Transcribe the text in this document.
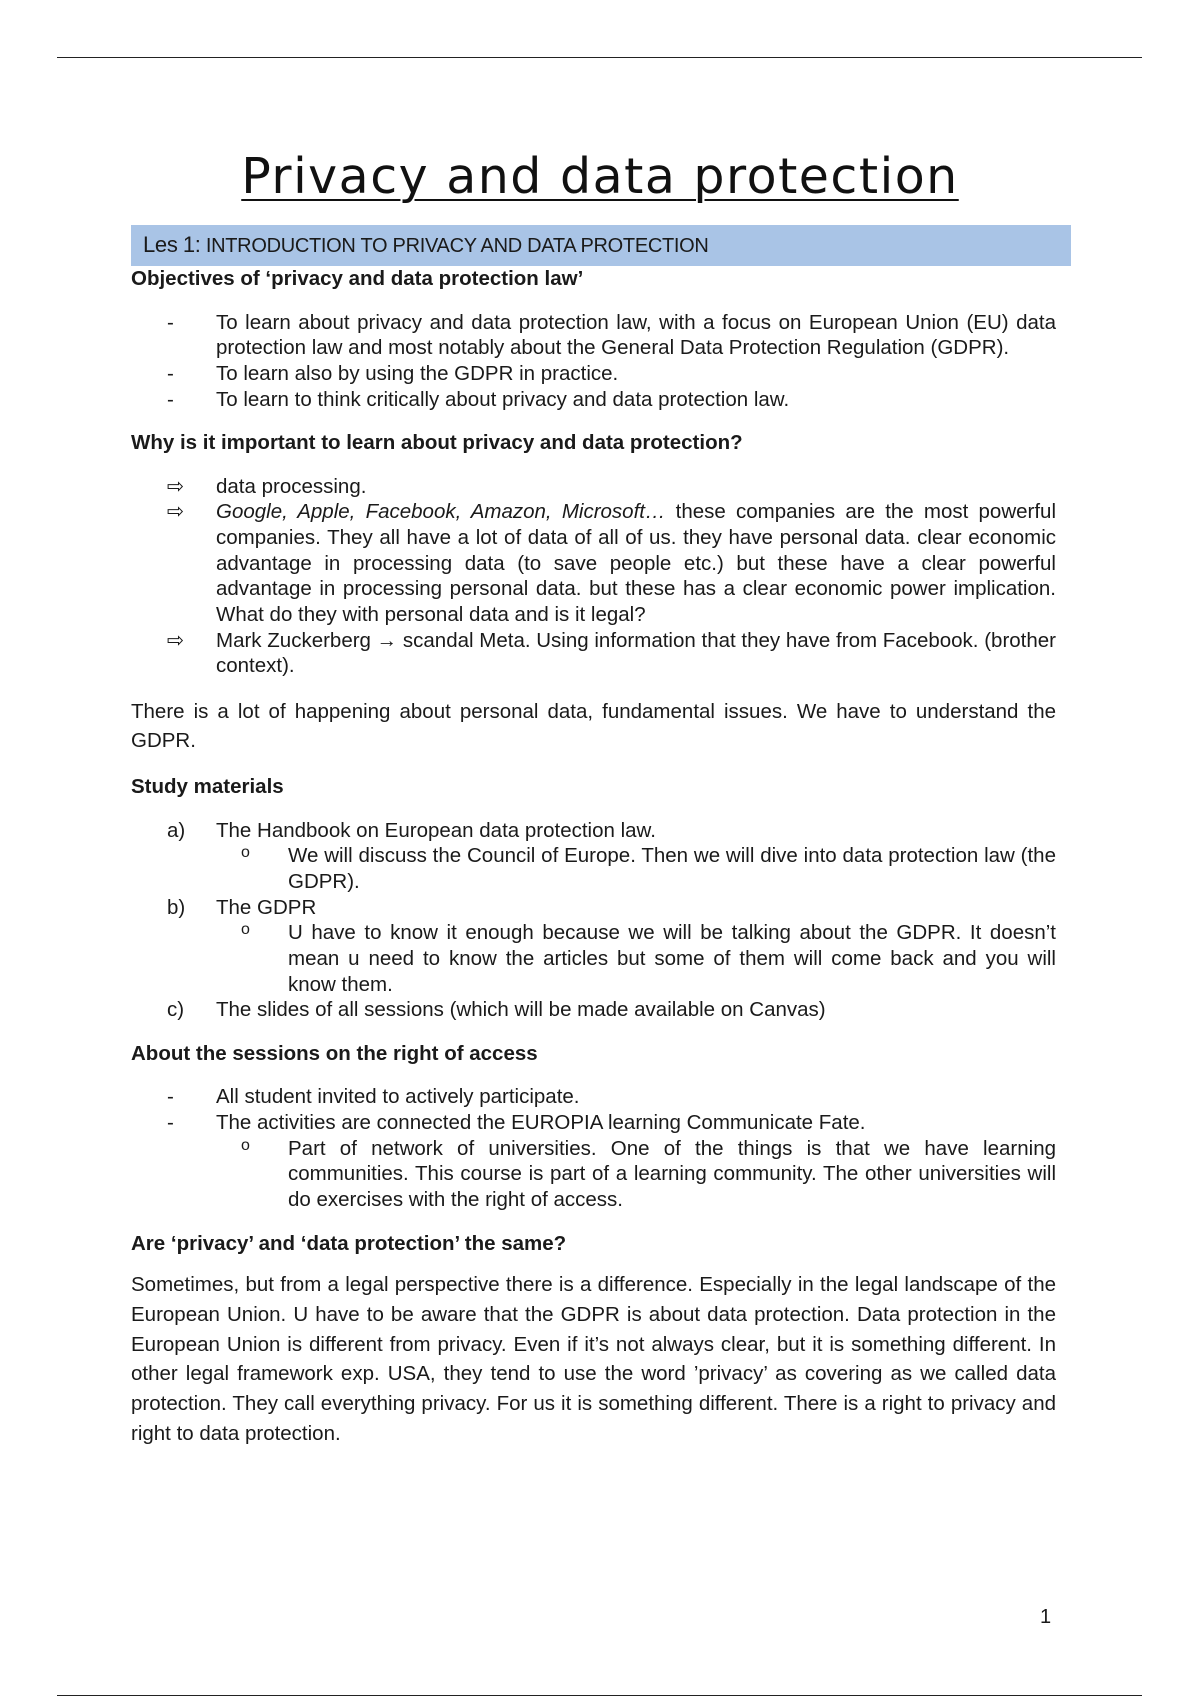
Privacy and data protection
Les 1: INTRODUCTION TO PRIVACY AND DATA PROTECTION
Objectives of ‘privacy and data protection law’

- To learn about privacy and data protection law, with a focus on European Union (EU) data protection law and most notably about the General Data Protection Regulation (GDPR).

- To learn also by using the GDPR in practice.

- To learn to think critically about privacy and data protection law.

Why is it important to learn about privacy and data protection?

⇨ data processing.

⇨ Google, Apple, Facebook, Amazon, Microsoft… these companies are the most powerful companies. They all have a lot of data of all of us. they have personal data. clear economic advantage in processing data (to save people etc.) but these have a clear powerful advantage in processing personal data. but these has a clear economic power implication. What do they with personal data and is it legal?

⇨ Mark Zuckerberg → scandal Meta. Using information that they have from Facebook. (brother context).

There is a lot of happening about personal data, fundamental issues. We have to understand the GDPR.

Study materials

a) The Handbook on European data protection law.

o We will discuss the Council of Europe. Then we will dive into data protection law (the GDPR).

b) The GDPR

o U have to know it enough because we will be talking about the GDPR. It doesn’t mean u need to know the articles but some of them will come back and you will know them.

c) The slides of all sessions (which will be made available on Canvas)

About the sessions on the right of access

- All student invited to actively participate.

- The activities are connected the EUROPIA learning Communicate Fate.

o Part of network of universities. One of the things is that we have learning communities. This course is part of a learning community. The other universities will do exercises with the right of access.

Are ‘privacy’ and ‘data protection’ the same?

Sometimes, but from a legal perspective there is a difference. Especially in the legal landscape of the European Union. U have to be aware that the GDPR is about data protection. Data protection in the European Union is different from privacy. Even if it’s not always clear, but it is something different. In other legal framework exp. USA, they tend to use the word ’privacy’ as covering as we called data protection. They call everything privacy. For us it is something different. There is a right to privacy and right to data protection.

1
